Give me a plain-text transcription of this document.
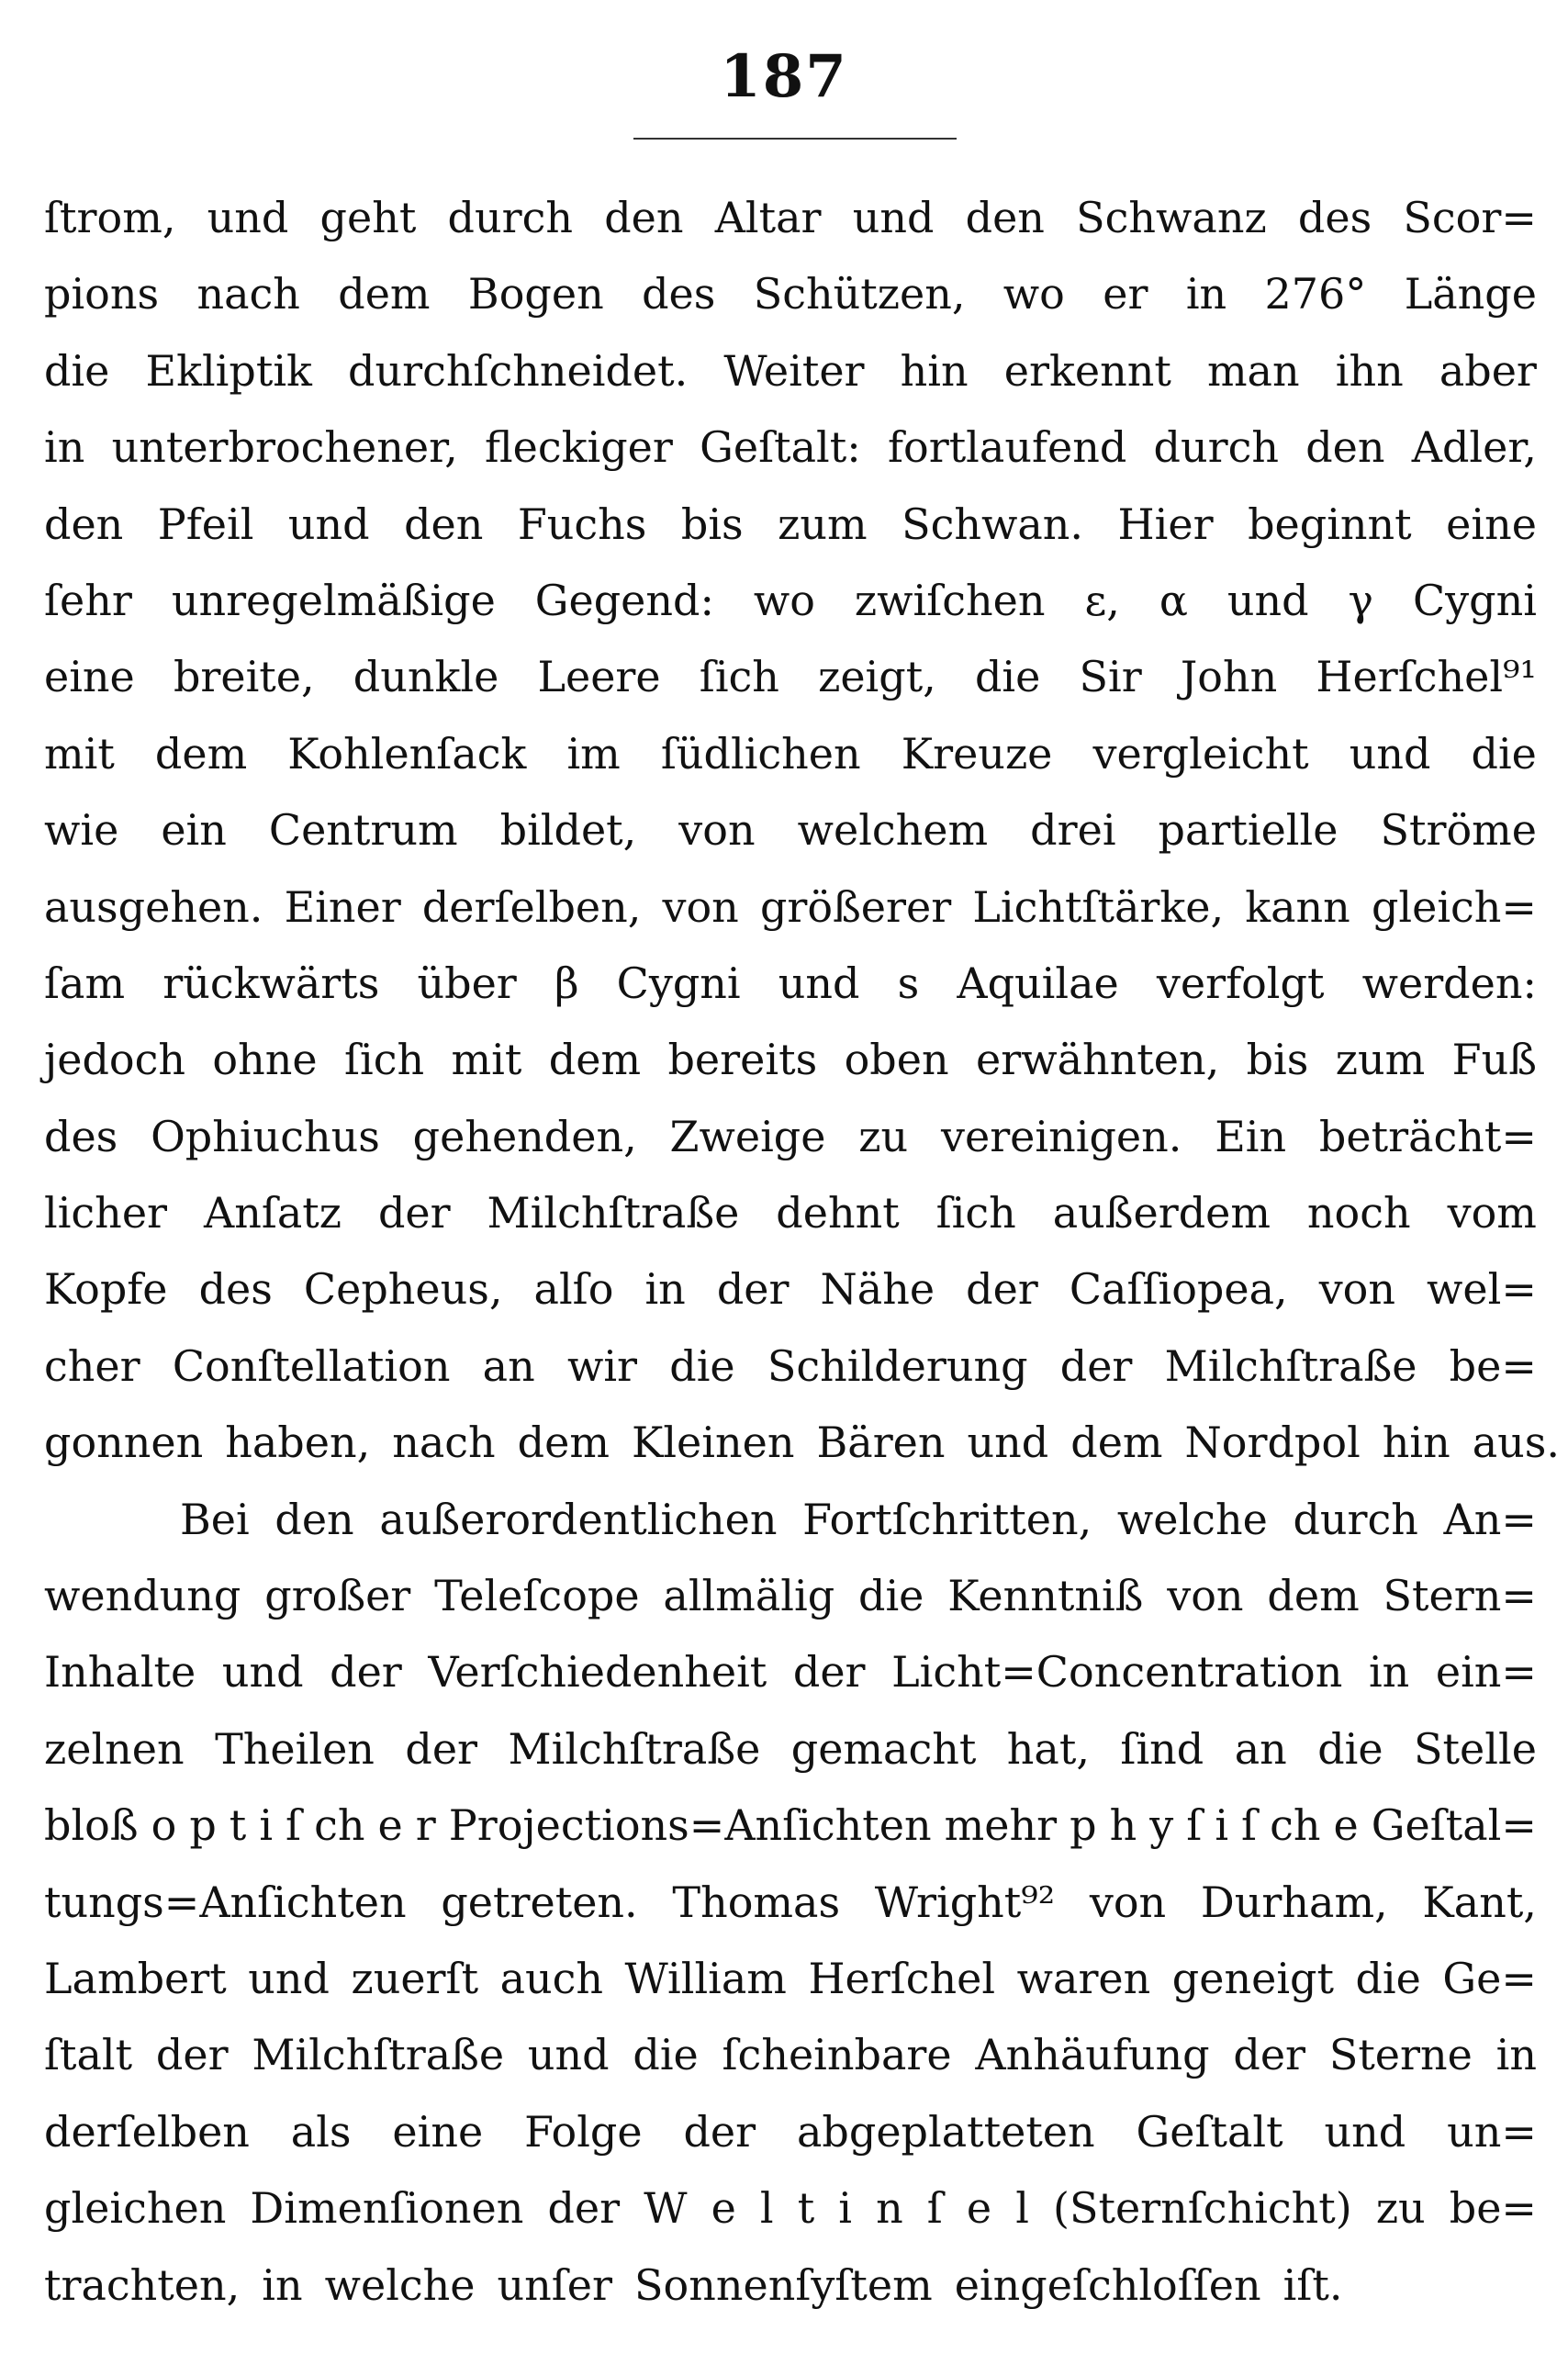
187
ſtrom, und geht durch den Altar und den Schwanz des Scor=
pions nach dem Bogen des Schützen, wo er in 276° Länge
die Ekliptik durchſchneidet. Weiter hin erkennt man ihn aber
in unterbrochener, fleckiger Geſtalt: fortlaufend durch den Adler,
den Pfeil und den Fuchs bis zum Schwan. Hier beginnt eine
ſehr unregelmäßige Gegend: wo zwiſchen ε, α und γ Cygni
eine breite, dunkle Leere ſich zeigt, die Sir John Herſchel⁹¹
mit dem Kohlenſack im ſüdlichen Kreuze vergleicht und die
wie ein Centrum bildet, von welchem drei partielle Ströme
ausgehen. Einer derſelben, von größerer Lichtſtärke, kann gleich=
ſam rückwärts über β Cygni und s Aquilae verfolgt werden:
jedoch ohne ſich mit dem bereits oben erwähnten, bis zum Fuß
des Ophiuchus gehenden, Zweige zu vereinigen. Ein beträcht=
licher Anſatz der Milchſtraße dehnt ſich außerdem noch vom
Kopfe des Cepheus, alſo in der Nähe der Caſſiopea, von wel=
cher Conſtellation an wir die Schilderung der Milchſtraße be=
gonnen haben, nach dem Kleinen Bären und dem Nordpol hin aus.
Bei den außerordentlichen Fortſchritten, welche durch An=
wendung großer Teleſcope allmälig die Kenntniß von dem Stern=
Inhalte und der Verſchiedenheit der Licht=Concentration in ein=
zelnen Theilen der Milchſtraße gemacht hat, ſind an die Stelle
bloß o p t i ſ ch e r Projections=Anſichten mehr p h y ſ i ſ ch e Geſtal=
tungs=Anſichten getreten. Thomas Wright⁹² von Durham, Kant,
Lambert und zuerſt auch William Herſchel waren geneigt die Ge=
ſtalt der Milchſtraße und die ſcheinbare Anhäufung der Sterne in
derſelben als eine Folge der abgeplatteten Geſtalt und un=
gleichen Dimenſionen der W e l t i n ſ e l (Sternſchicht) zu be=
trachten, in welche unſer Sonnenſyſtem eingeſchloſſen iſt.
